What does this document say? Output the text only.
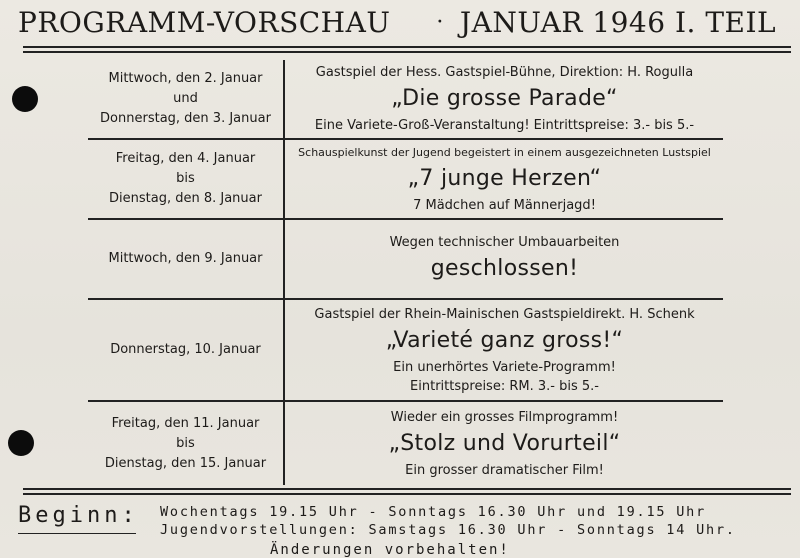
PROGRAMM-VORSCHAU · JANUAR 1946 I. TEIL
Mittwoch, den 2. Januar
und
Donnerstag, den 3. Januar
Gastspiel der Hess. Gastspiel-Bühne, Direktion: H. Rogulla
„Die grosse Parade“
Eine Variete-Groß-Veranstaltung! Eintrittspreise: 3.- bis 5.-
Freitag, den 4. Januar
bis
Dienstag, den 8. Januar
Schauspielkunst der Jugend begeistert in einem ausgezeichneten Lustspiel
„7 junge Herzen“
7 Mädchen auf Männerjagd!
Mittwoch, den 9. Januar
Wegen technischer Umbauarbeiten
geschlossen!
Donnerstag, 10. Januar
Gastspiel der Rhein-Mainischen Gastspieldirekt. H. Schenk
„Varieté ganz gross!“
Ein unerhörtes Variete-Programm!
Eintrittspreise: RM. 3.- bis 5.-
Freitag, den 11. Januar
bis
Dienstag, den 15. Januar
Wieder ein grosses Filmprogramm!
„Stolz und Vorurteil“
Ein grosser dramatischer Film!
Beginn: Wochentags 19.15 Uhr - Sonntags 16.30 Uhr und 19.15 Uhr
Jugendvorstellungen: Samstags 16.30 Uhr - Sonntags 14 Uhr.
Änderungen vorbehalten!
